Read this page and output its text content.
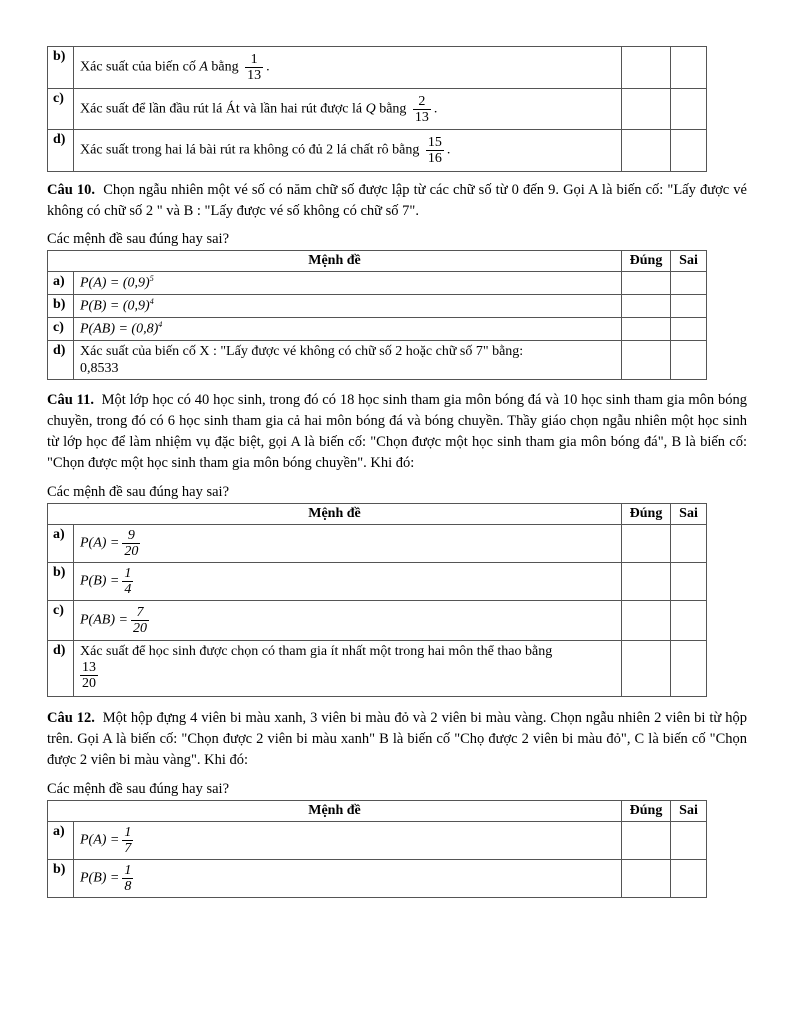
b)	Xác suất của biến cố A bằng $\frac{1}{13}$ .		
c)	Xác suất để lần đầu rút lá Át và lần hai rút được lá Q bằng $\frac{2}{13}$ .		
d)	Xác suất trong hai lá bài rút ra không có đủ 2 lá chất rô bằng $\frac{15}{16}$ .		
Câu 10. Chọn ngẫu nhiên một vé số có năm chữ số được lập từ các chữ số từ 0 đến 9. Gọi A là biến cố: "Lấy được vé không có chữ số 2 " và B : "Lấy được vé số không có chữ số 7".
Các mệnh đề sau đúng hay sai?
Mệnh đề		Đúng	Sai
a)	$P(A) = (0,9)^5$		
b)	$P(B) = (0,9)^4$		
c)	$P(AB) = (0,8)^4$		
d)	Xác suất của biến cố X : "Lấy được vé không có chữ số 2 hoặc chữ số 7" bằng:
0,8533		

Câu 11. Một lớp học có 40 học sinh, trong đó có 18 học sinh tham gia môn bóng đá và 10 học sinh tham gia môn bóng chuyền, trong đó có 6 học sinh tham gia cả hai môn bóng đá và bóng chuyền. Thầy giáo chọn ngẫu nhiên một học sinh từ lớp học để làm nhiệm vụ đặc biệt, gọi A là biến cố: "Chọn được một học sinh tham gia môn bóng đá", B là biến cố: "Chọn được một học sinh tham gia môn bóng chuyền". Khi đó:
Các mệnh đề sau đúng hay sai?
Mệnh đề		Đúng	Sai
a)	$P(A) = \frac{9}{20}$

b)	$P(B) = \frac{1}{4}$

c)	$P(AB) = \frac{7}{20}$

d)	Xác suất để học sinh được chọn có tham gia ít nhất một trong hai môn thể thao bằng
$\frac{13}{20}$

Câu 12. Một hộp đựng 4 viên bi màu xanh, 3 viên bi màu đỏ và 2 viên bi màu vàng. Chọn ngẫu nhiên 2 viên bi từ hộp trên. Gọi A là biến cố: "Chọn được 2 viên bi màu xanh" B là biến cố "Chọ được 2 viên bi màu đỏ", C là biến cố "Chọn được 2 viên bi màu vàng". Khi đó:
Các mệnh đề sau đúng hay sai?
Mệnh đề		Đúng	Sai
a)	$P(A) = \frac{1}{7}$

b)	$P(B) = \frac{1}{8}$
